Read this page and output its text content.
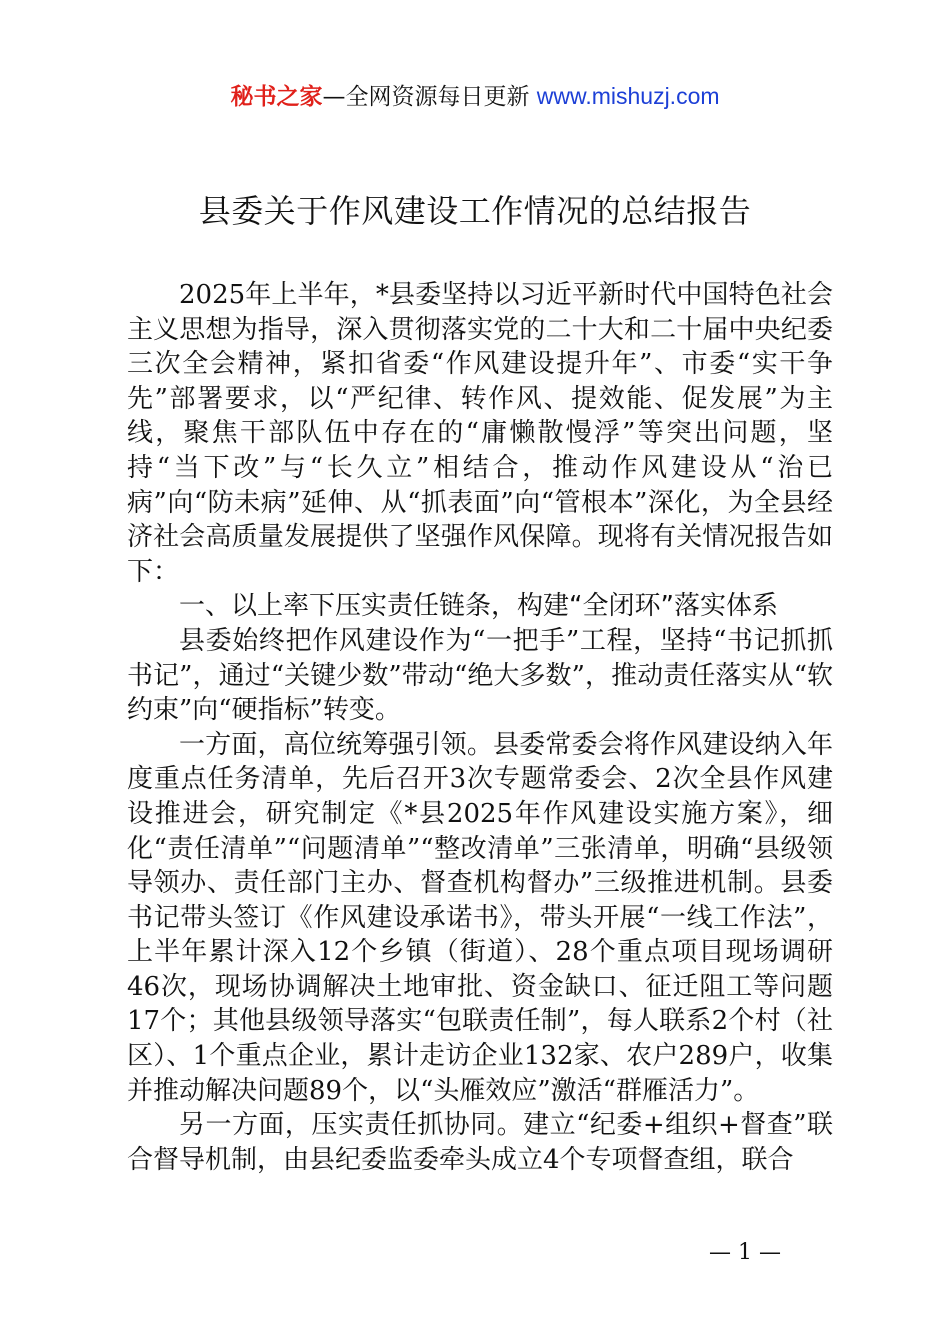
秘书之家—全网资源每日更新 www.mishuzj.com
县委关于作风建设工作情况的总结报告

2025年上半年，*县委坚持以习近平新时代中国特色社会主义思想为指导，深入贯彻落实党的二十大和二十届中央纪委三次全会精神，紧扣省委“作风建设提升年”、市委“实干争先”部署要求，以“严纪律、转作风、提效能、促发展”为主线，聚焦干部队伍中存在的“庸懒散慢浮”等突出问题，坚持“当下改”与“长久立”相结合，推动作风建设从“治已病”向“防未病”延伸、从“抓表面”向“管根本”深化，为全县经济社会高质量发展提供了坚强作风保障。现将有关情况报告如下：

一、以上率下压实责任链条，构建“全闭环”落实体系

县委始终把作风建设作为“一把手”工程，坚持“书记抓抓书记”，通过“关键少数”带动“绝大多数”，推动责任落实从“软约束”向“硬指标”转变。

一方面，高位统筹强引领。县委常委会将作风建设纳入年度重点任务清单，先后召开3次专题常委会、2次全县作风建设推进会，研究制定《*县2025年作风建设实施方案》，细化“责任清单”“问题清单”“整改清单”三张清单，明确“县级领导领办、责任部门主办、督查机构督办”三级推进机制。县委书记带头签订《作风建设承诺书》，带头开展“一线工作法”，上半年累计深入12个乡镇（街道）、28个重点项目现场调研46次，现场协调解决土地审批、资金缺口、征迁阻工等问题17个；其他县级领导落实“包联责任制”，每人联系2个村（社区）、1个重点企业，累计走访企业132家、农户289户，收集并推动解决问题89个，以“头雁效应”激活“群雁活力”。

另一方面，压实责任抓协同。建立“纪委+组织+督查”联合督导机制，由县纪委监委牵头成立4个专项督查组，联合

— 1 —
